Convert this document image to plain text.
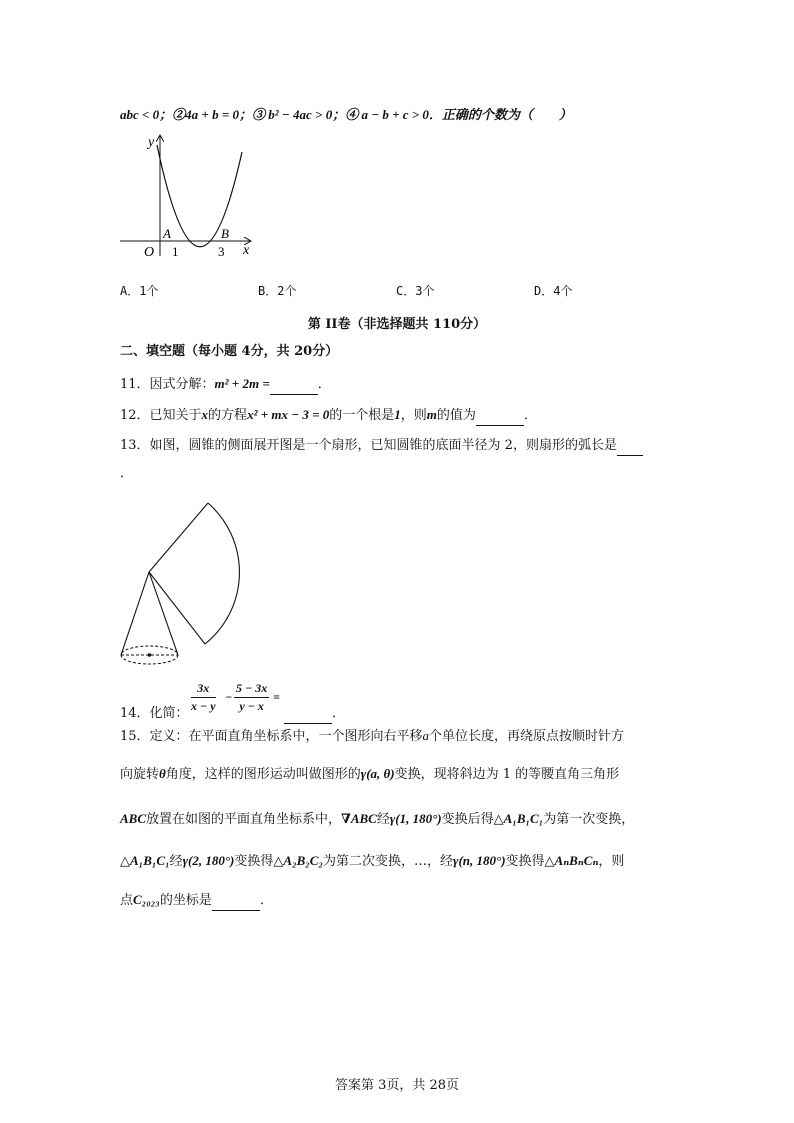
abc < 0；②4a + b = 0；③ b² − 4ac > 0；④ a − b + c > 0．正确的个数为（　　）
y
x
O
A	B
1	3
A．1个	B．2个	C．3个	D．4个
第 II卷（非选择题共 110分）
二、填空题（每小题 4分，共 20分）
11．因式分解：m² + 2m =	．
12．已知关于x的方程x² + mx − 3 = 0的一个根是1，则m的值为	．
13．如图，圆锥的侧面展开图是一个扇形，已知圆锥的底面半径为 2，则扇形的弧长是
．
14．化简： $\frac{3x}{x - y} - \frac{5 - 3x}{y - x}$ =
．
15．定义：在平面直角坐标系中，一个图形向右平移a个单位长度，再绕原点按顺时针方
向旋转θ角度，这样的图形运动叫做图形的γ(a, θ)变换，现将斜边为 1 的等腰直角三角形
ABC放置在如图的平面直角坐标系中，∇ABC经γ(1, 180°)变换后得△A₁B₁C₁为第一次变换，
△A₁B₁C₁经γ(2, 180°)变换得△A₂B₂C₂为第二次变换，…，经γ(n, 180°)变换得△AₙBₙCₙ，则
点C₂₀₂₃的坐标是	．
答案第 3页，共 28页
